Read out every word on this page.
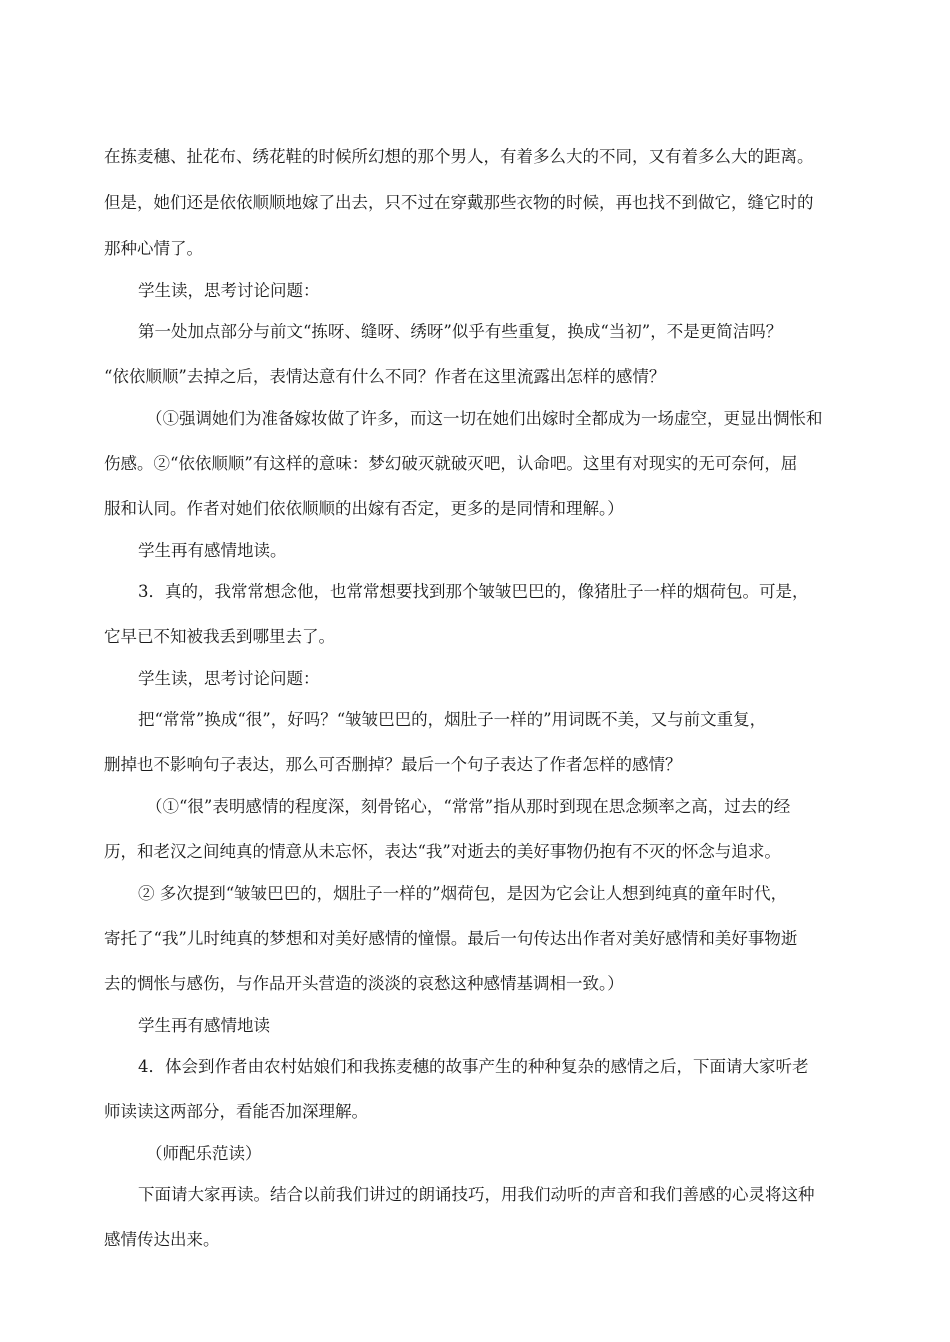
在拣麦穗、扯花布、绣花鞋的时候所幻想的那个男人，有着多么大的不同，又有着多么大的距离。
但是，她们还是依依顺顺地嫁了出去，只不过在穿戴那些衣物的时候，再也找不到做它，缝它时的
那种心情了。
学生读，思考讨论问题：
第一处加点部分与前文“拣呀、缝呀、绣呀”似乎有些重复，换成“当初”，不是更简洁吗？
“依依顺顺”去掉之后，表情达意有什么不同？作者在这里流露出怎样的感情？
（①强调她们为准备嫁妆做了许多，而这一切在她们出嫁时全都成为一场虚空，更显出惆怅和
伤感。②“依依顺顺”有这样的意味：梦幻破灭就破灭吧，认命吧。这里有对现实的无可奈何，屈
服和认同。作者对她们依依顺顺的出嫁有否定，更多的是同情和理解。）
学生再有感情地读。
3．真的，我常常想念他，也常常想要找到那个皱皱巴巴的，像猪肚子一样的烟荷包。可是，
它早已不知被我丢到哪里去了。
学生读，思考讨论问题：
把“常常”换成“很”，好吗？“皱皱巴巴的，烟肚子一样的”用词既不美，又与前文重复，
删掉也不影响句子表达，那么可否删掉？最后一个句子表达了作者怎样的感情？
（①“很”表明感情的程度深，刻骨铭心，“常常”指从那时到现在思念频率之高，过去的经
历，和老汉之间纯真的情意从未忘怀，表达“我”对逝去的美好事物仍抱有不灭的怀念与追求。
② 多次提到“皱皱巴巴的，烟肚子一样的”烟荷包，是因为它会让人想到纯真的童年时代，
寄托了“我”儿时纯真的梦想和对美好感情的憧憬。最后一句传达出作者对美好感情和美好事物逝
去的惆怅与感伤，与作品开头营造的淡淡的哀愁这种感情基调相一致。）
学生再有感情地读
4．体会到作者由农村姑娘们和我拣麦穗的故事产生的种种复杂的感情之后，下面请大家听老
师读读这两部分，看能否加深理解。
（师配乐范读）
下面请大家再读。结合以前我们讲过的朗诵技巧，用我们动听的声音和我们善感的心灵将这种
感情传达出来。
